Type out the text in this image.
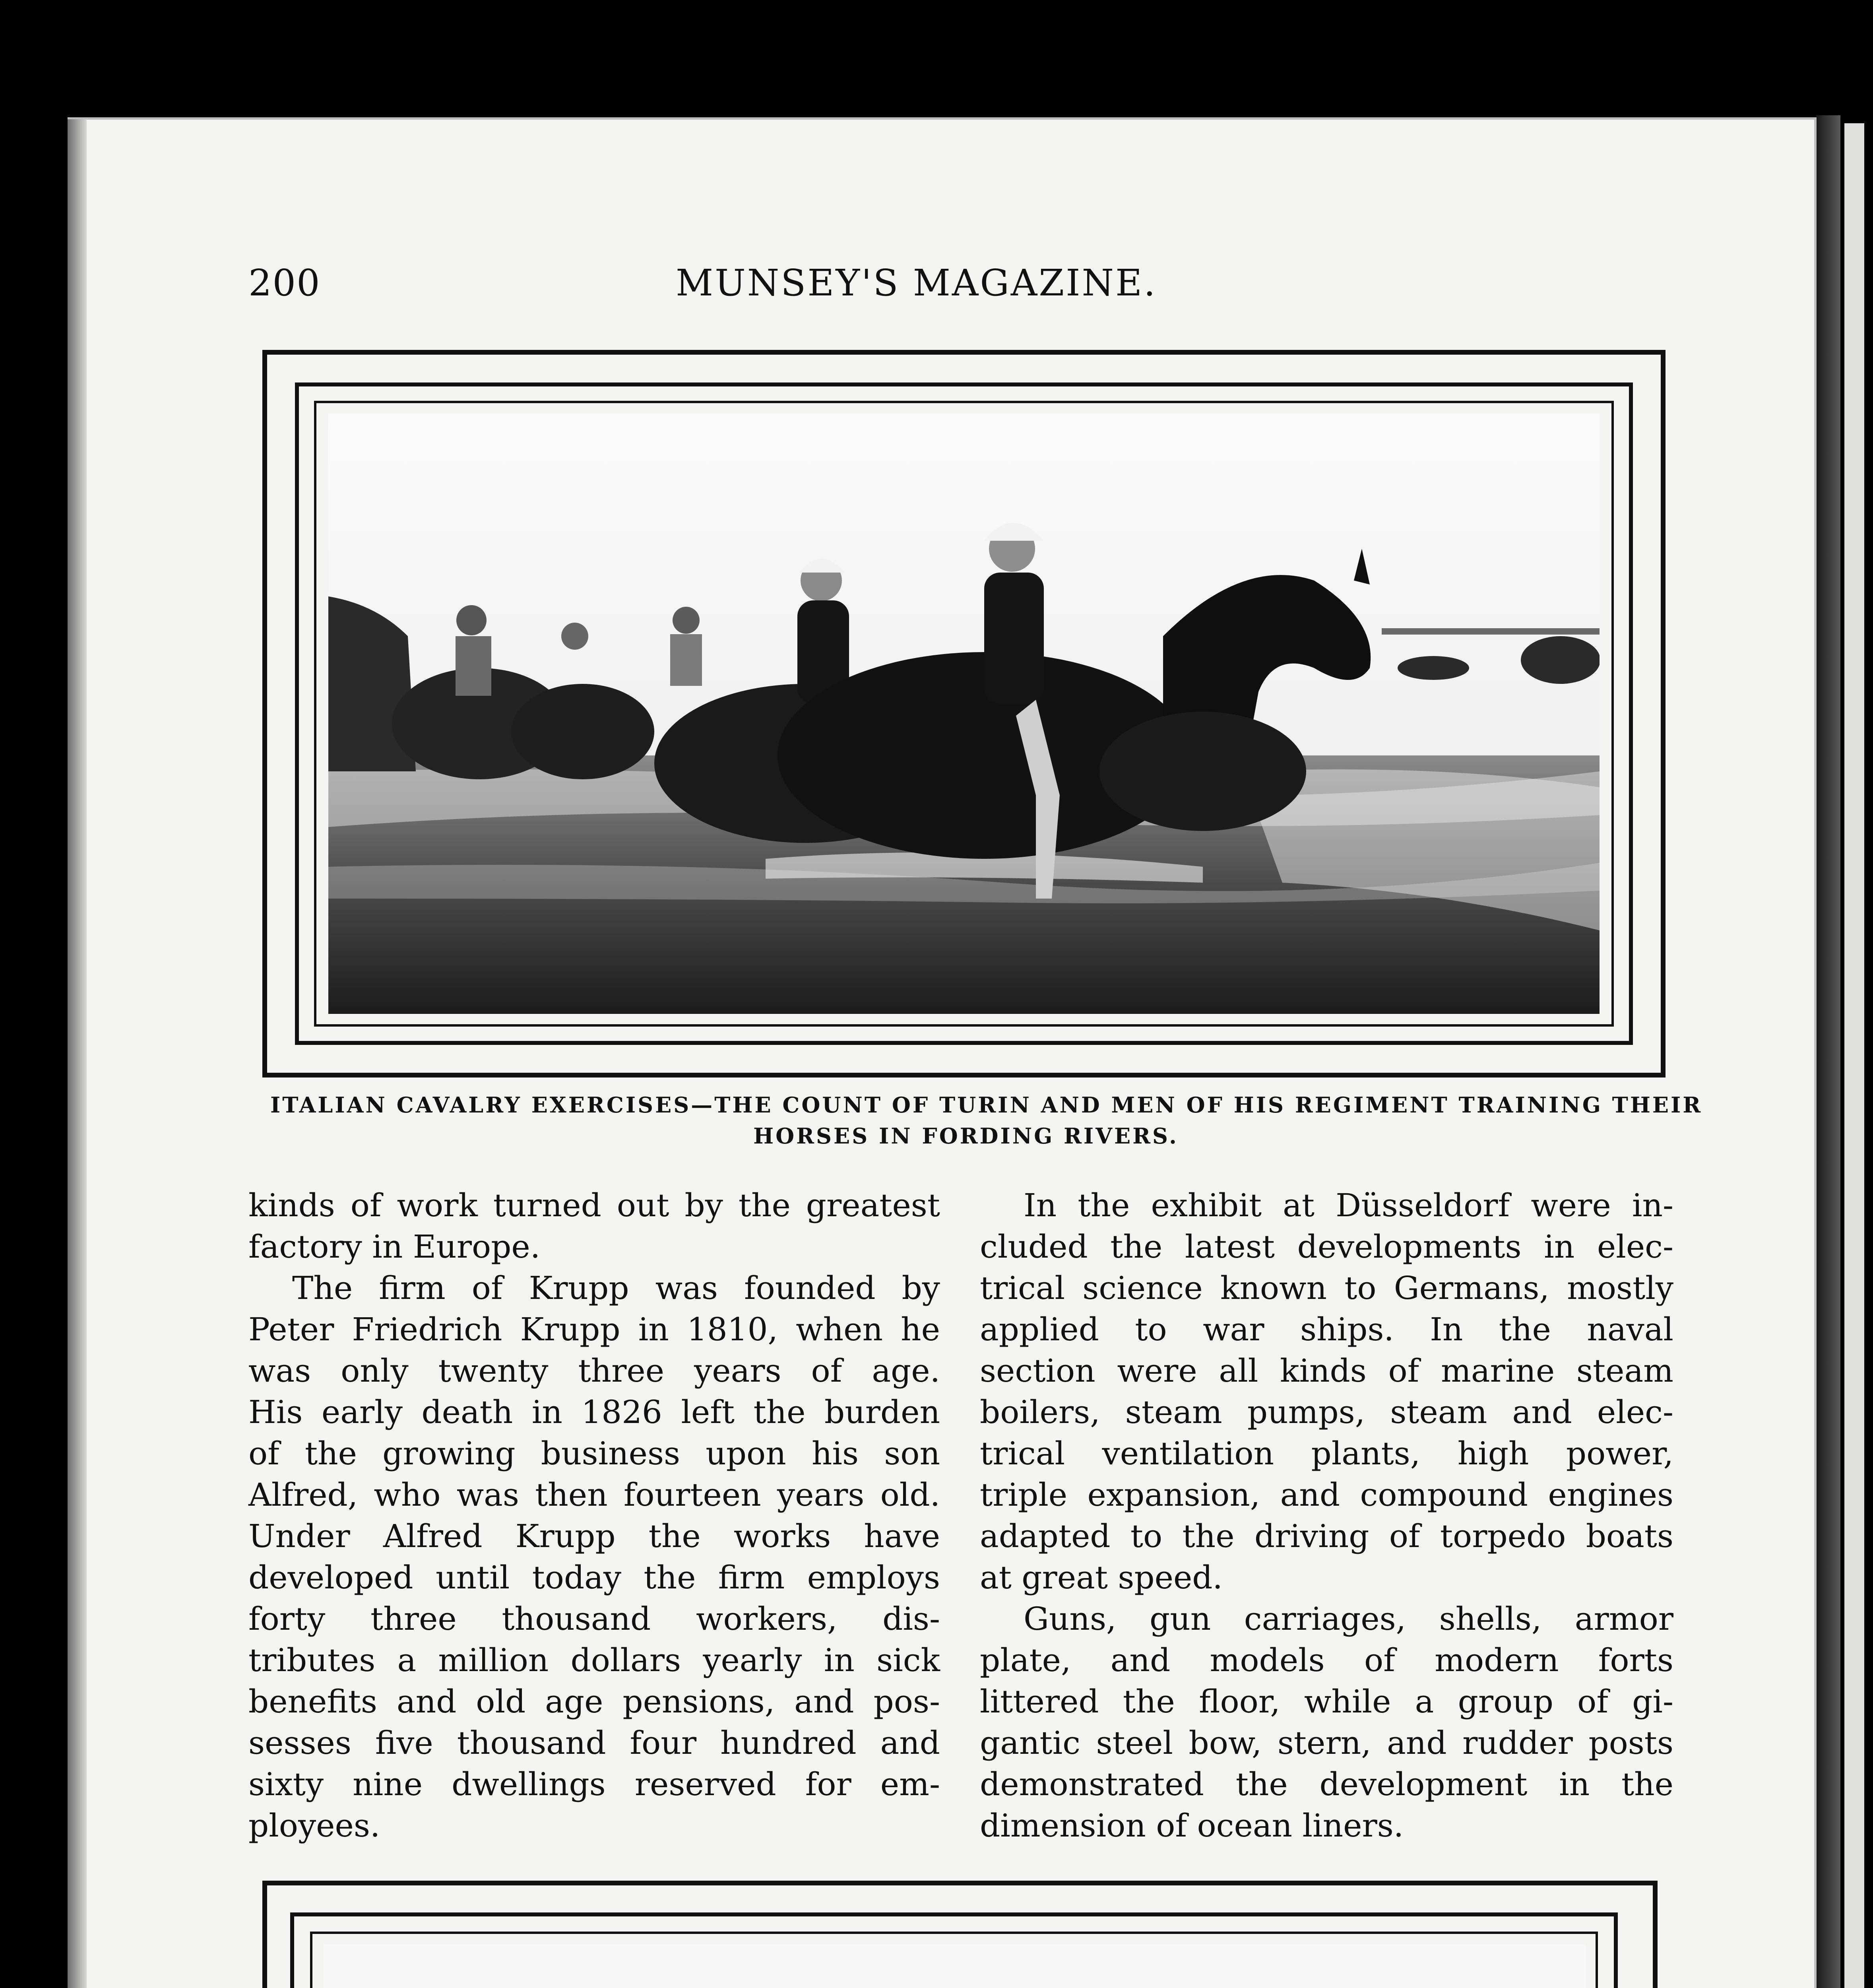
200	MUNSEY'S MAGAZINE.
ITALIAN CAVALRY EXERCISES—THE COUNT OF TURIN AND MEN OF HIS REGIMENT TRAINING THEIR
HORSES IN FORDING RIVERS.
kinds of work turned out by the greatest
factory in Europe.
The firm of Krupp was founded by
Peter Friedrich Krupp in 1810, when he
was only twenty three years of age.
His early death in 1826 left the burden
of the growing business upon his son
Alfred, who was then fourteen years old.
Under Alfred Krupp the works have
developed until today the firm employs
forty three thousand workers, dis-
tributes a million dollars yearly in sick
benefits and old age pensions, and pos-
sesses five thousand four hundred and
sixty nine dwellings reserved for em-
ployees.
In the exhibit at Düsseldorf were in-
cluded the latest developments in elec-
trical science known to Germans, mostly
applied to war ships. In the naval
section were all kinds of marine steam
boilers, steam pumps, steam and elec-
trical ventilation plants, high power,
triple expansion, and compound engines
adapted to the driving of torpedo boats
at great speed.
Guns, gun carriages, shells, armor
plate, and models of modern forts
littered the floor, while a group of gi-
gantic steel bow, stern, and rudder posts
demonstrated the development in the
dimension of ocean liners.
